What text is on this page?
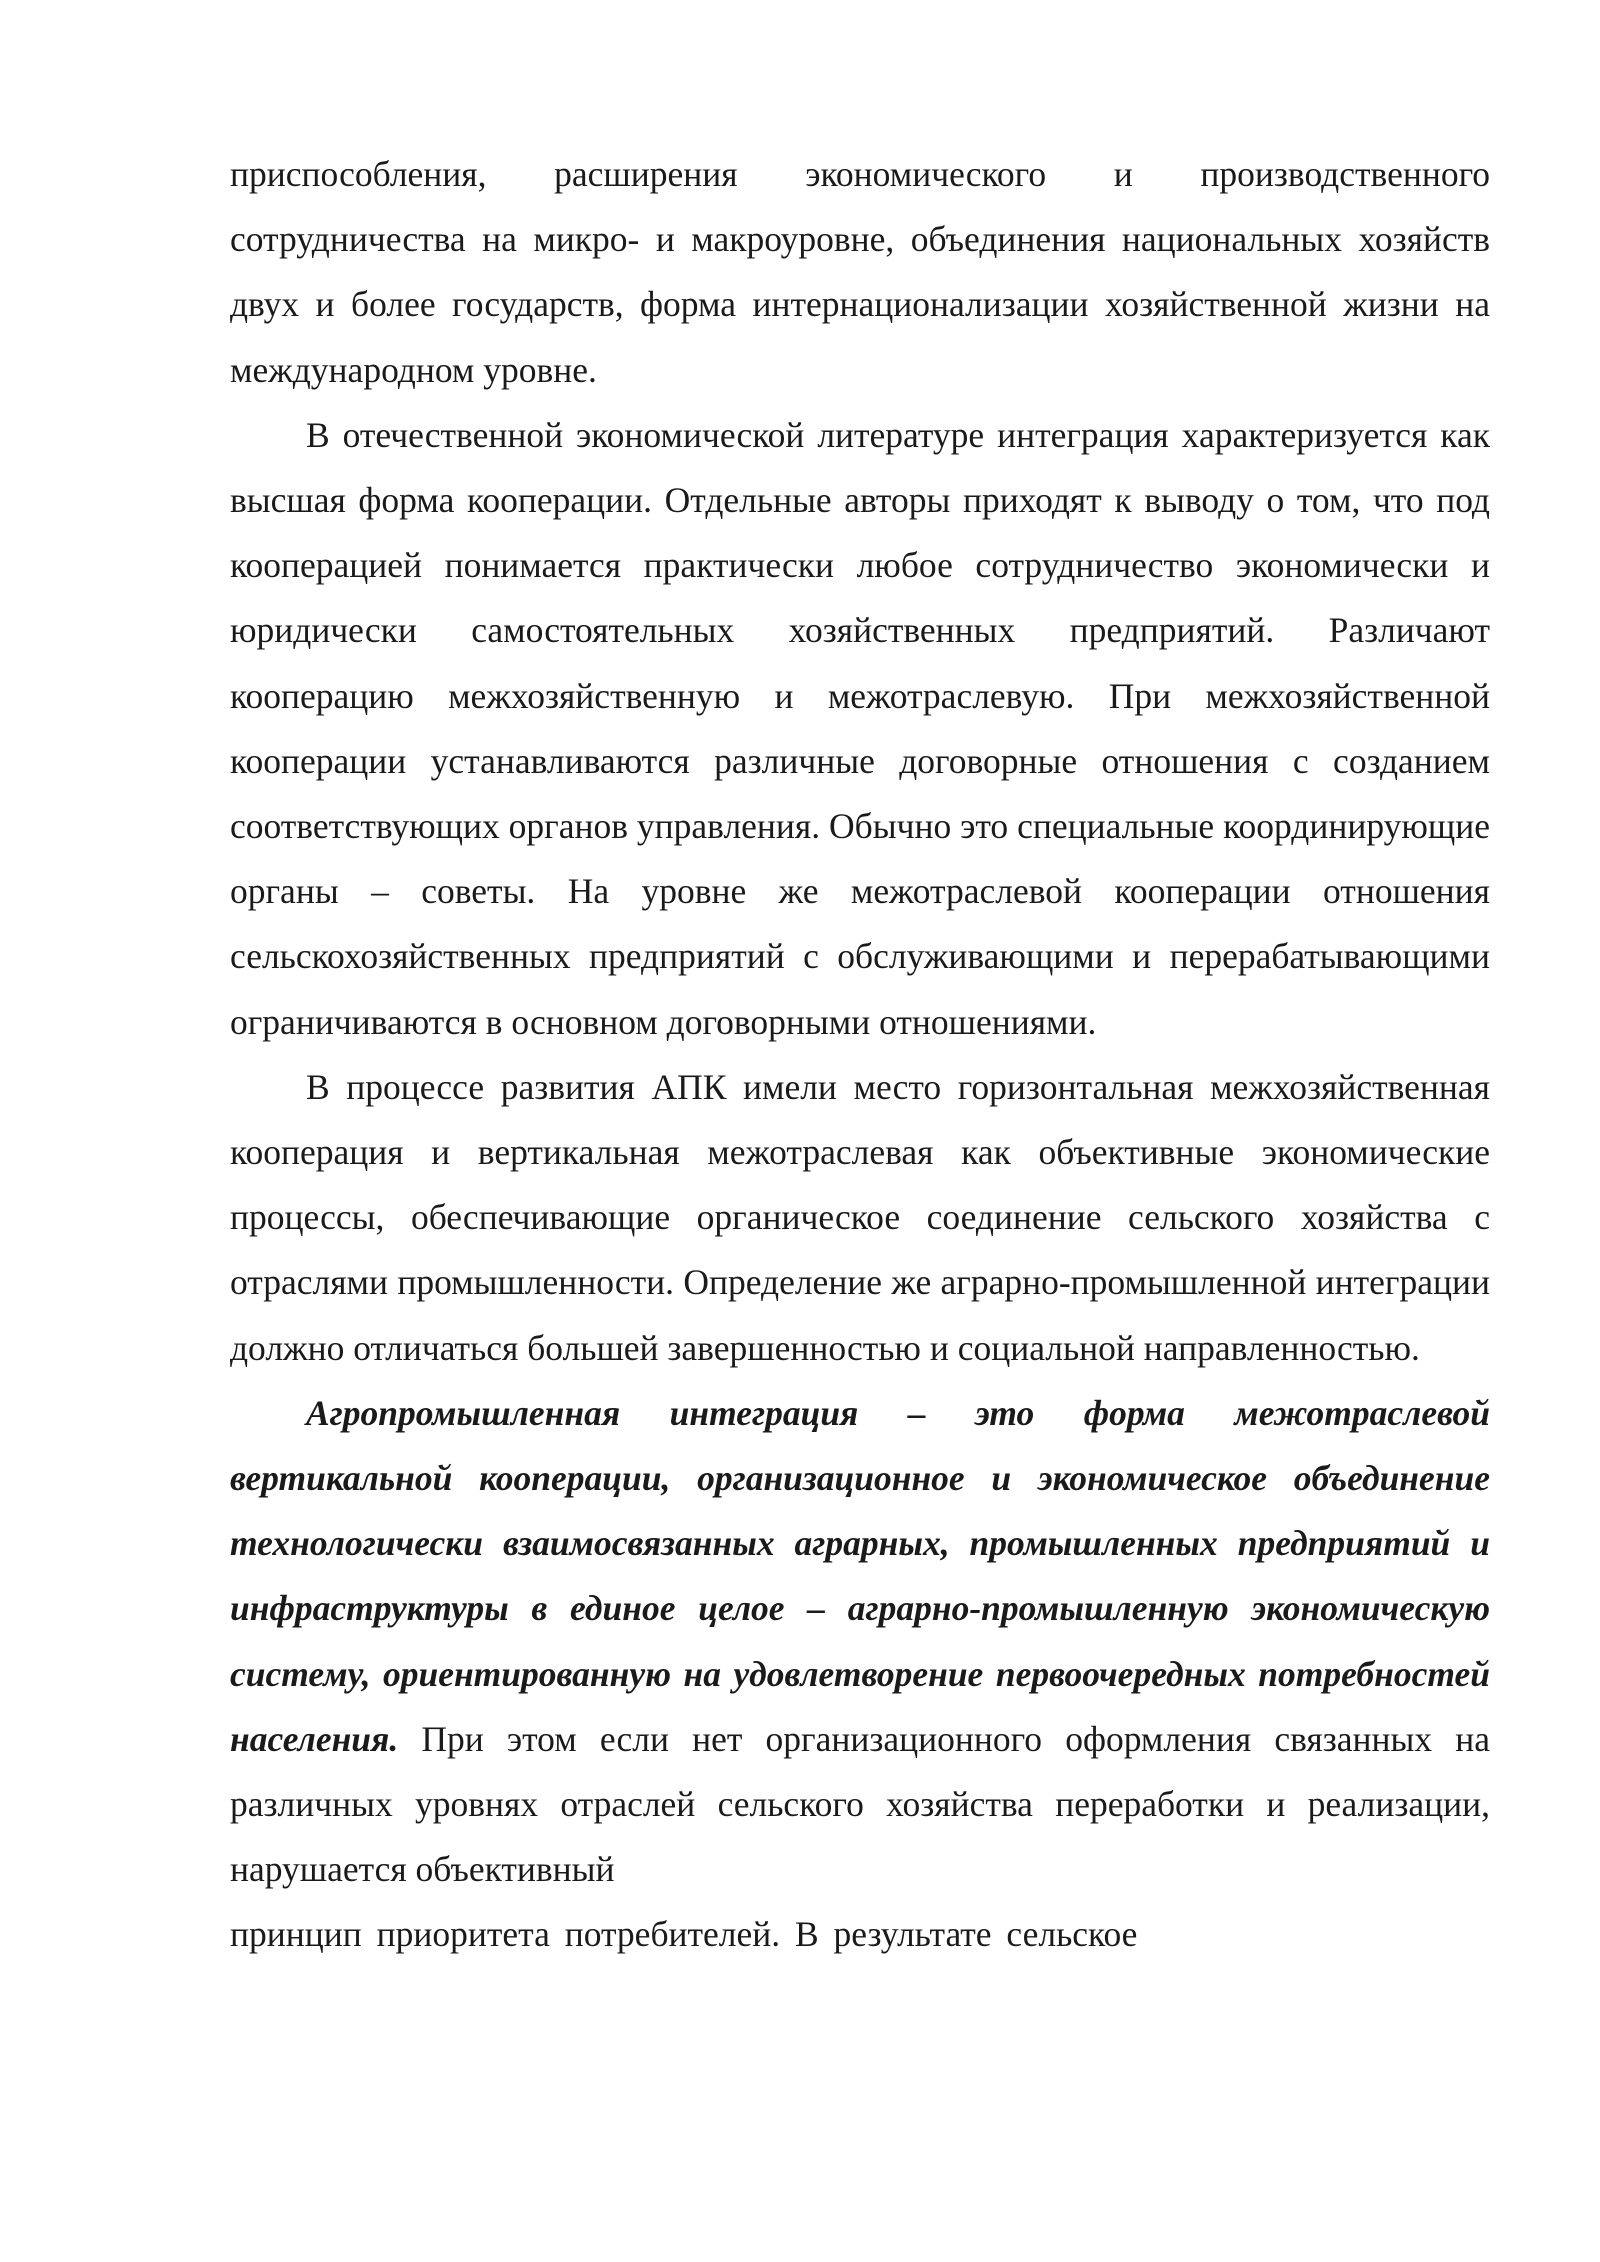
приспособления, расширения экономического и производственного сотрудничества на микро- и макроуровне, объединения национальных хозяйств двух и более государств, форма интернационализации хозяйственной жизни на международном уровне.

В отечественной экономической литературе интеграция характеризуется как высшая форма кооперации. Отдельные авторы приходят к выводу о том, что под кооперацией понимается практически любое сотрудничество экономически и юридически самостоятельных хозяйственных предприятий. Различают кооперацию межхозяйственную и межотраслевую. При межхозяйственной кооперации устанавливаются различные договорные отношения с созданием соответствующих органов управления. Обычно это специальные координирующие органы – советы. На уровне же межотраслевой кооперации отношения сельскохозяйственных предприятий с обслуживающими и перерабатывающими ограничиваются в основном договорными отношениями.

В процессе развития АПК имели место горизонтальная межхозяйственная кооперация и вертикальная межотраслевая как объективные экономические процессы, обеспечивающие органическое соединение сельского хозяйства с отраслями промышленности. Определение же аграрно-промышленной интеграции должно отличаться большей завершенностью и социальной направленностью.

Агропромышленная интеграция – это форма межотраслевой вертикальной кооперации, организационное и экономическое объединение технологически взаимосвязанных аграрных, промышленных предприятий и инфраструктуры в единое целое – аграрно-промышленную экономическую систему, ориентированную на удовлетворение первоочередных потребностей населения. При этом если нет организационного оформления связанных на различных уровнях отраслей сельского хозяйства переработки и реализации, нарушается объективный

принцип приоритета потребителей. В результате сельское
